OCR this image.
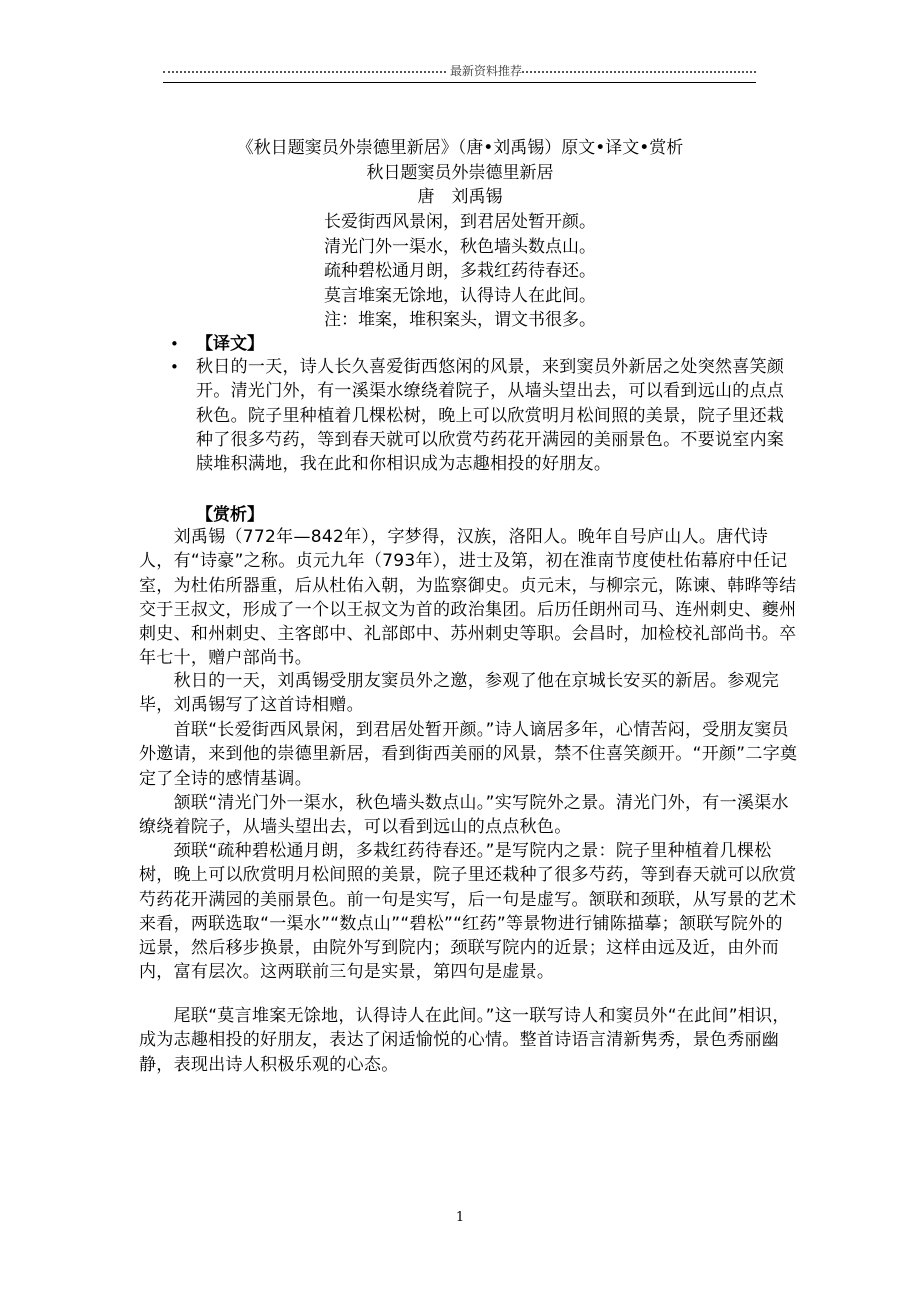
最新资料推荐
《秋日题窦员外崇德里新居》（唐•刘禹锡）原文•译文•赏析
秋日题窦员外崇德里新居
唐　刘禹锡
长爱街西风景闲，到君居处暂开颜。
清光门外一渠水，秋色墙头数点山。
疏种碧松通月朗，多栽红药待春还。
莫言堆案无馀地，认得诗人在此间。
注：堆案，堆积案头，谓文书很多。
• 【译文】
• 秋日的一天，诗人长久喜爱街西悠闲的风景，来到窦员外新居之处突然喜笑颜开。清光门外，有一溪渠水缭绕着院子，从墙头望出去，可以看到远山的点点秋色。院子里种植着几棵松树，晚上可以欣赏明月松间照的美景，院子里还栽种了很多芍药，等到春天就可以欣赏芍药花开满园的美丽景色。不要说室内案牍堆积满地，我在此和你相识成为志趣相投的好朋友。
【赏析】
　　刘禹锡（772年—842年），字梦得，汉族，洛阳人。晚年自号庐山人。唐代诗人，有“诗豪”之称。贞元九年（793年），进士及第，初在淮南节度使杜佑幕府中任记室，为杜佑所器重，后从杜佑入朝，为监察御史。贞元末，与柳宗元，陈谏、韩晔等结交于王叔文，形成了一个以王叔文为首的政治集团。后历任朗州司马、连州刺史、夔州刺史、和州刺史、主客郎中、礼部郎中、苏州刺史等职。会昌时，加检校礼部尚书。卒年七十，赠户部尚书。
　　秋日的一天，刘禹锡受朋友窦员外之邀，参观了他在京城长安买的新居。参观完毕，刘禹锡写了这首诗相赠。
　　首联“长爱街西风景闲，到君居处暂开颜。”诗人谪居多年，心情苦闷，受朋友窦员外邀请，来到他的崇德里新居，看到街西美丽的风景，禁不住喜笑颜开。“开颜”二字奠定了全诗的感情基调。
　　颔联“清光门外一渠水，秋色墙头数点山。”实写院外之景。清光门外，有一溪渠水缭绕着院子，从墙头望出去，可以看到远山的点点秋色。
　　颈联“疏种碧松通月朗，多栽红药待春还。”是写院内之景：院子里种植着几棵松树，晚上可以欣赏明月松间照的美景，院子里还栽种了很多芍药，等到春天就可以欣赏芍药花开满园的美丽景色。前一句是实写，后一句是虚写。颔联和颈联，从写景的艺术来看，两联选取“一渠水”“数点山”“碧松”“红药”等景物进行铺陈描摹；颔联写院外的远景，然后移步换景，由院外写到院内；颈联写院内的近景；这样由远及近，由外而内，富有层次。这两联前三句是实景，第四句是虚景。
　　尾联“莫言堆案无馀地，认得诗人在此间。”这一联写诗人和窦员外“在此间”相识，成为志趣相投的好朋友，表达了闲适愉悦的心情。整首诗语言清新隽秀，景色秀丽幽静，表现出诗人积极乐观的心态。
1
